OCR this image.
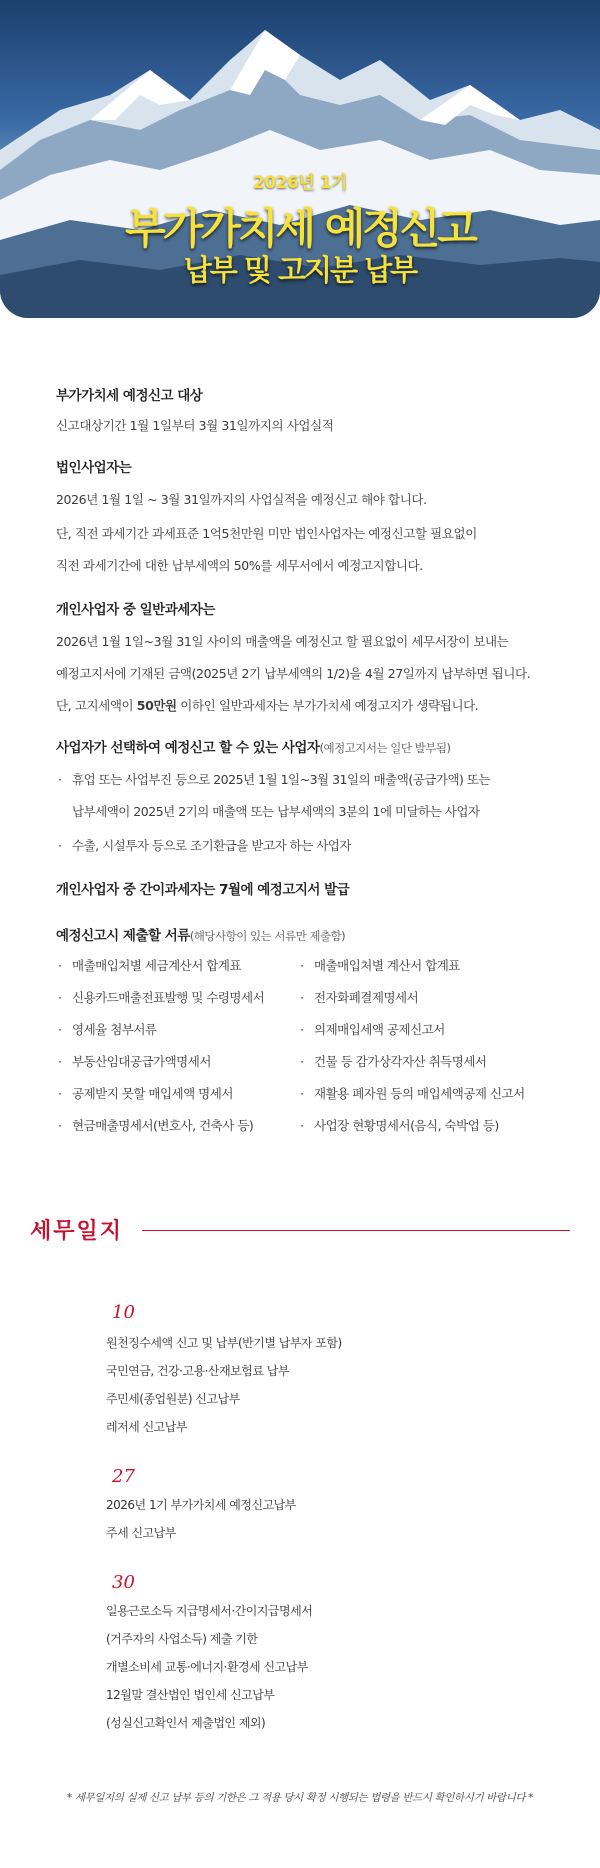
2026년 1기
부가가치세 예정신고
납부 및 고지분 납부
부가가치세 예정신고 대상
신고대상기간 1월 1일부터 3월 31일까지의 사업실적
법인사업자는
2026년 1월 1일 ~ 3월 31일까지의 사업실적을 예정신고 해야 합니다.
단, 직전 과세기간 과세표준 1억5천만원 미만 법인사업자는 예정신고할 필요없이
직전 과세기간에 대한 납부세액의 50%를 세무서에서 예정고지합니다.
개인사업자 중 일반과세자는
2026년 1월 1일~3월 31일 사이의 매출액을 예정신고 할 필요없이 세무서장이 보내는
예정고지서에 기재된 금액(2025년 2기 납부세액의 1/2)을 4월 27일까지 납부하면 됩니다.
단, 고지세액이 50만원 이하인 일반과세자는 부가가치세 예정고지가 생략됩니다.
사업자가 선택하여 예정신고 할 수 있는 사업자(예정고지서는 일단 발부됨)
· 휴업 또는 사업부진 등으로 2025년 1월 1일~3월 31일의 매출액(공급가액) 또는
납부세액이 2025년 2기의 매출액 또는 납부세액의 3분의 1에 미달하는 사업자
· 수출, 시설투자 등으로 조기환급을 받고자 하는 사업자
개인사업자 중 간이과세자는 7월에 예정고지서 발급
예정신고시 제출할 서류(해당사항이 있는 서류만 제출함)
· 매출매입처별 세금계산서 합계표
· 신용카드매출전표발행 및 수령명세서
· 영세율 첨부서류
· 부동산임대공급가액명세서
· 공제받지 못할 매입세액 명세서
· 현금매출명세서(변호사, 건축사 등)
· 매출매입처별 계산서 합계표
· 전자화폐결제명세서
· 의제매입세액 공제신고서
· 건물 등 감가상각자산 취득명세서
· 재활용 폐자원 등의 매입세액공제 신고서
· 사업장 현황명세서(음식, 숙박업 등)
세무일지
10
원천징수세액 신고 및 납부(반기별 납부자 포함)
국민연금, 건강·고용·산재보험료 납부
주민세(종업원분) 신고납부
레저세 신고납부
27
2026년 1기 부가가치세 예정신고납부
주세 신고납부
30
일용근로소득 지급명세서·간이지급명세서
(거주자의 사업소득) 제출 기한
개별소비세 교통·에너지·환경세 신고납부
12월말 결산법인 법인세 신고납부
(성실신고확인서 제출법인 제외)
* 세무일지의 실제 신고 납부 등의 기한은 그 적용 당시 확정 시행되는 법령을 반드시 확인하시기 바랍니다 *
